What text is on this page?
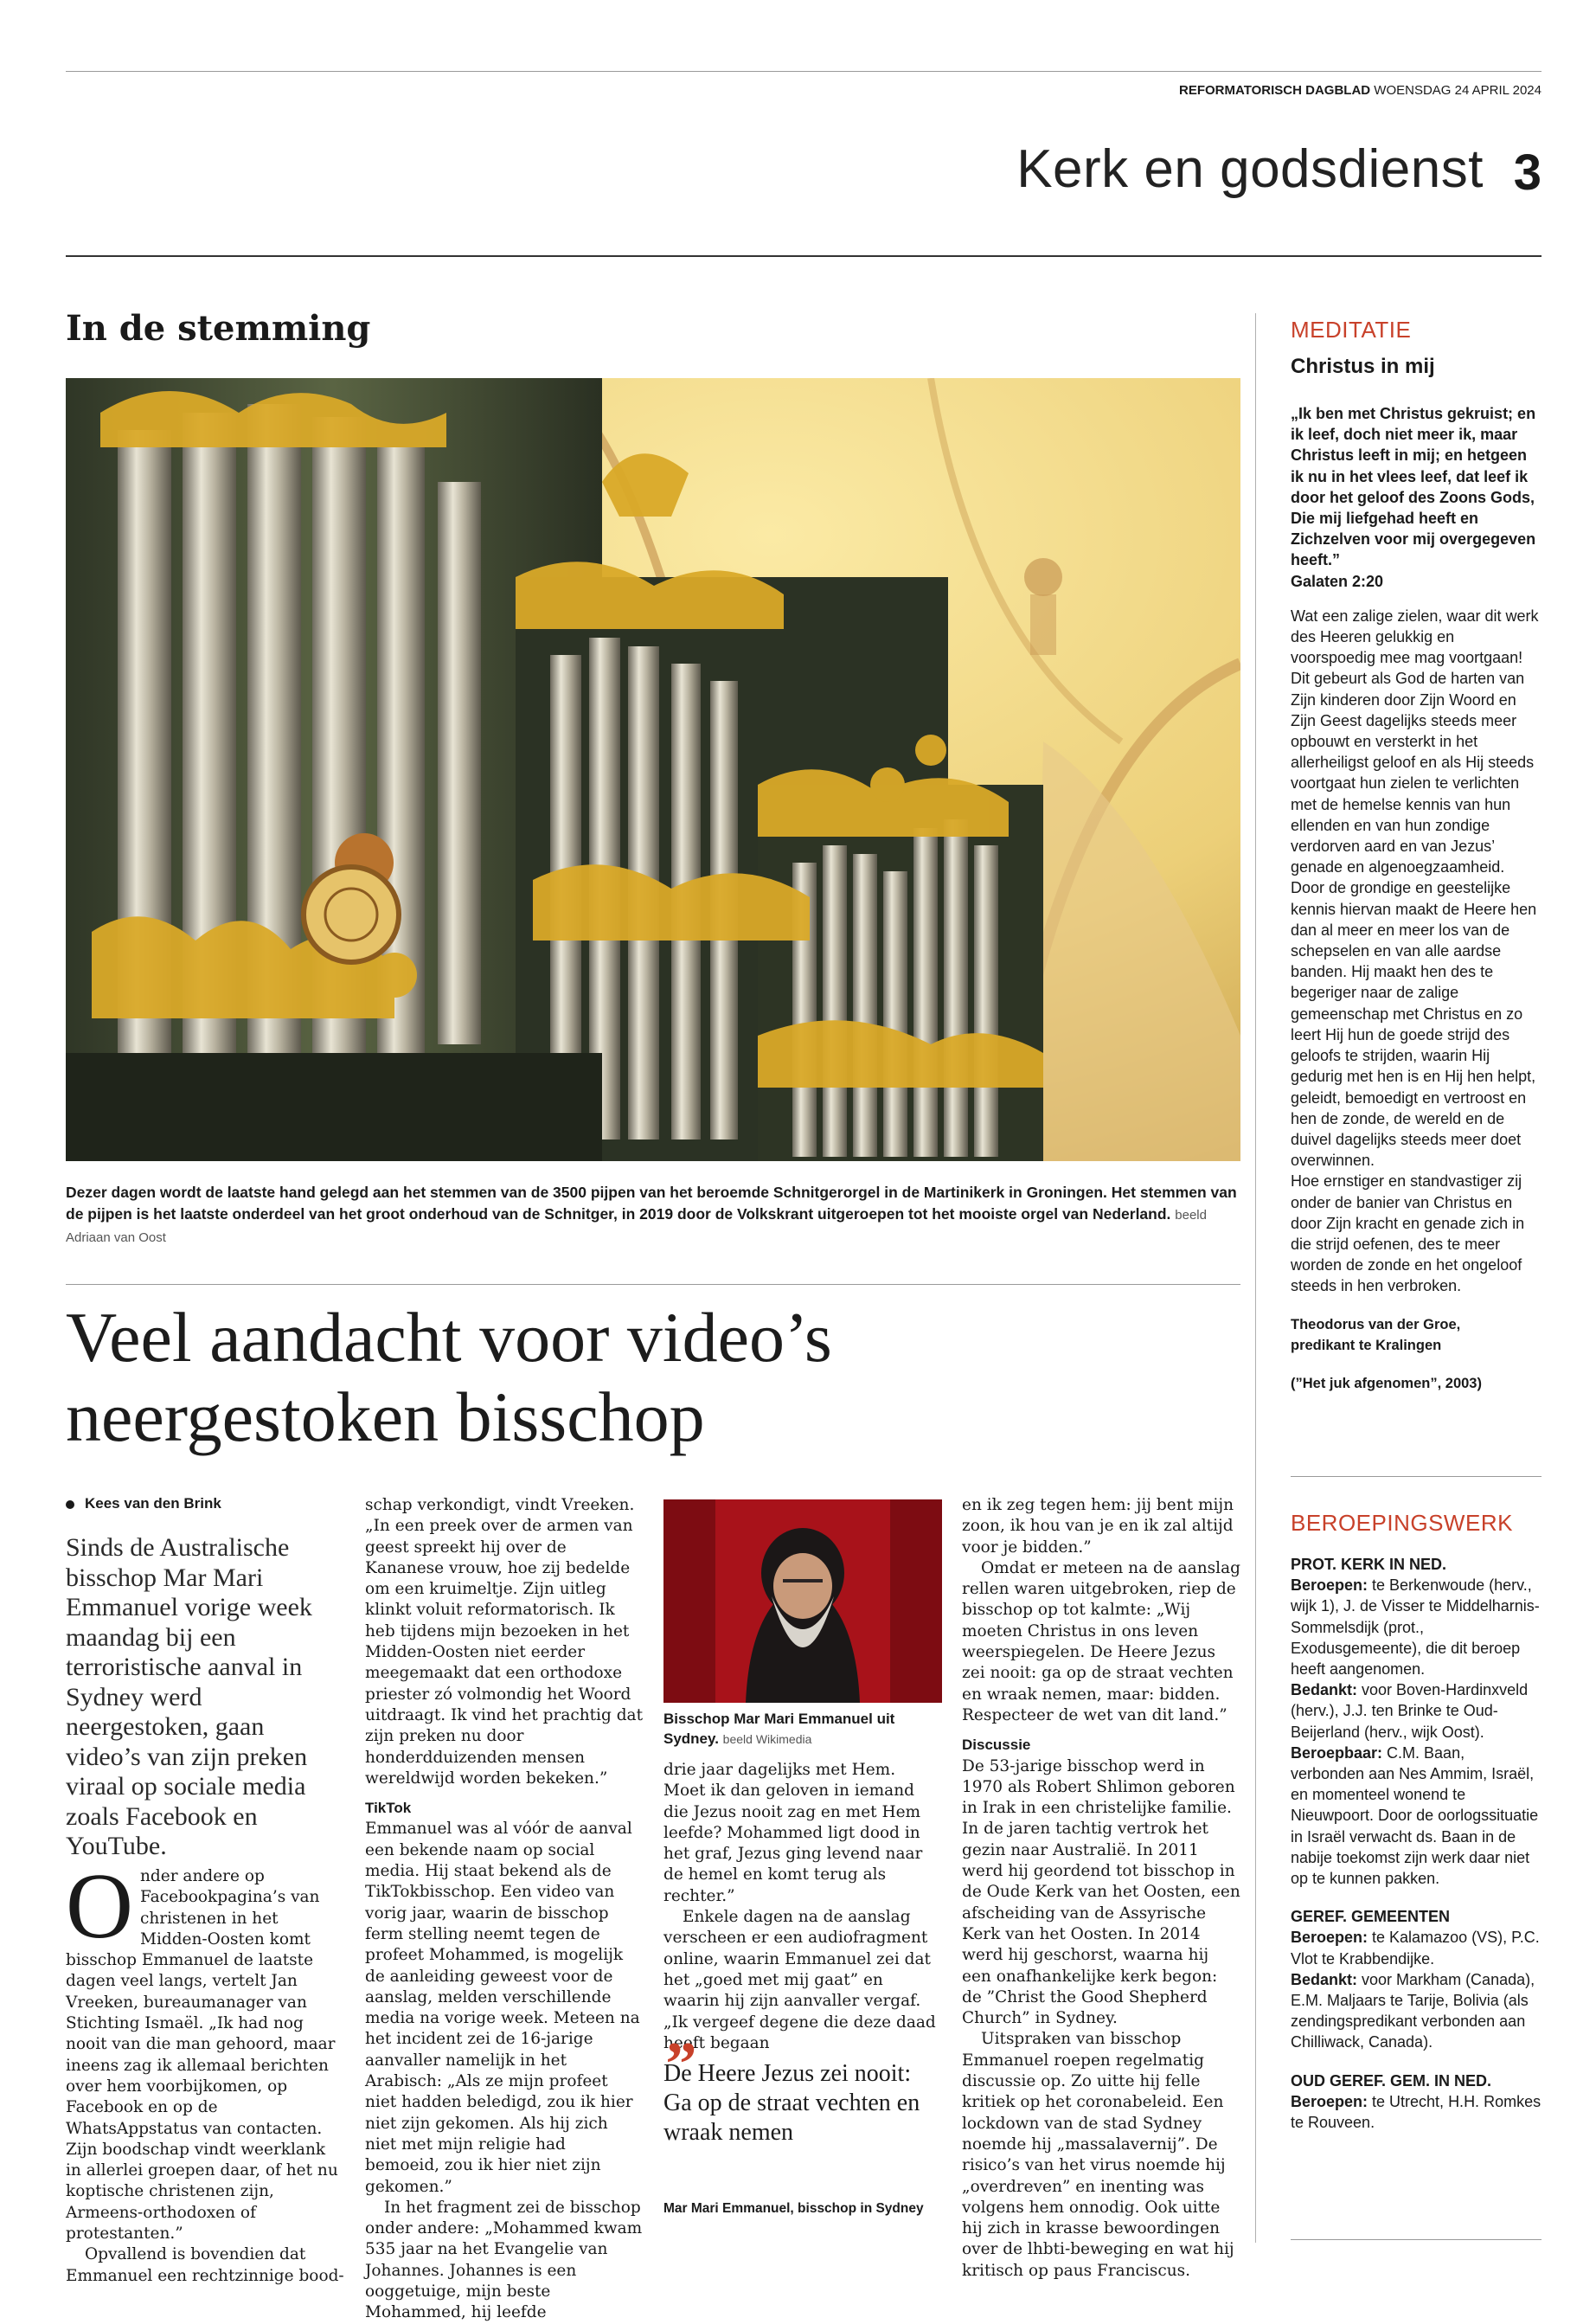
REFORMATORISCH DAGBLAD WOENSDAG 24 APRIL 2024
Kerk en godsdienst 3
In de stemming
Dezer dagen wordt de laatste hand gelegd aan het stemmen van de 3500 pijpen van het beroemde Schnitgerorgel in de Martinikerk in Groningen. Het stemmen van de pijpen is het laatste onderdeel van het groot onderhoud van de Schnitger, in 2019 door de Volkskrant uitgeroepen tot het mooiste orgel van Nederland. beeld Adriaan van Oost
Veel aandacht voor video’s
neergestoken bisschop
Kees van den Brink
Sinds de Australische bisschop Mar Mari Emmanuel vorige week maandag bij een terroristische aanval in Sydney werd neergestoken, gaan video’s van zijn preken viraal op sociale media zoals Facebook en YouTube.

Onder andere op Facebookpagina’s van christenen in het Midden-Oosten komt bisschop Emmanuel de laatste dagen veel langs, vertelt Jan Vreeken, bureaumanager van Stichting Ismaël. „Ik had nog nooit van die man gehoord, maar ineens zag ik allemaal berichten over hem voorbijkomen, op Facebook en op de WhatsAppstatus van contacten. Zijn boodschap vindt weerklank in allerlei groepen daar, of het nu koptische christenen zijn, Armeens-orthodoxen of protestanten.”

Opvallend is bovendien dat Emmanuel een rechtzinnige bood-

schap verkondigt, vindt Vreeken. „In een preek over de armen van geest spreekt hij over de Kananese vrouw, hoe zij bedelde om een kruimeltje. Zijn uitleg klinkt voluit reformatorisch. Ik heb tijdens mijn bezoeken in het Midden-Oosten niet eerder meegemaakt dat een orthodoxe priester zó volmondig het Woord uitdraagt. Ik vind het prachtig dat zijn preken nu door honderdduizenden mensen wereldwijd worden bekeken.”

TikTok

Emmanuel was al vóór de aanval een bekende naam op social media. Hij staat bekend als de TikTokbisschop. Een video van vorig jaar, waarin de bisschop ferm stelling neemt tegen de profeet Mohammed, is mogelijk de aanleiding geweest voor de aanslag, melden verschillende media na vorige week. Meteen na het incident zei de 16-jarige aanvaller namelijk in het Arabisch: „Als ze mijn profeet niet hadden beledigd, zou ik hier niet zijn gekomen. Als hij zich niet met mijn religie had bemoeid, zou ik hier niet zijn gekomen.”

In het fragment zei de bisschop onder andere: „Mohammed kwam 535 jaar na het Evangelie van Johannes. Johannes is een ooggetuige, mijn beste Mohammed, hij leefde

Bisschop Mar Mari Emmanuel uit Sydney. beeld Wikimedia

drie jaar dagelijks met Hem. Moet ik dan geloven in iemand die Jezus nooit zag en met Hem leefde? Mohammed ligt dood in het graf, Jezus ging levend naar de hemel en komt terug als rechter.”

Enkele dagen na de aanslag verscheen er een audiofragment online, waarin Emmanuel zei dat het „goed met mij gaat” en waarin hij zijn aanvaller vergaf. „Ik vergeef degene die deze daad heeft begaan

„
De Heere Jezus zei nooit: Ga op de straat vechten en wraak nemen
Mar Mari Emmanuel, bisschop in Sydney

en ik zeg tegen hem: jij bent mijn zoon, ik hou van je en ik zal altijd voor je bidden.”

Omdat er meteen na de aanslag rellen waren uitgebroken, riep de bisschop op tot kalmte: „Wij moeten Christus in ons leven weerspiegelen. De Heere Jezus zei nooit: ga op de straat vechten en wraak nemen, maar: bidden. Respecteer de wet van dit land.”

Discussie

De 53-jarige bisschop werd in 1970 als Robert Shlimon geboren in Irak in een christelijke familie. In de jaren tachtig vertrok het gezin naar Australië. In 2011 werd hij geordend tot bisschop in de Oude Kerk van het Oosten, een afscheiding van de Assyrische Kerk van het Oosten. In 2014 werd hij geschorst, waarna hij een onafhankelijke kerk begon: de ”Christ the Good Shepherd Church” in Sydney.

Uitspraken van bisschop Emmanuel roepen regelmatig discussie op. Zo uitte hij felle kritiek op het coronabeleid. Een lockdown van de stad Sydney noemde hij „massalavernij”. De risico’s van het virus noemde hij „overdreven” en inenting was volgens hem onnodig. Ook uitte hij zich in krasse bewoordingen over de lhbti-beweging en wat hij kritisch op paus Franciscus.

MEDITATIE
Christus in mij

„Ik ben met Christus gekruist; en ik leef, doch niet meer ik, maar Christus leeft in mij; en hetgeen ik nu in het vlees leef, dat leef ik door het geloof des Zoons Gods, Die mij liefgehad heeft en Zichzelven voor mij overgegeven heeft.”

Galaten 2:20

Wat een zalige zielen, waar dit werk des Heeren gelukkig en voorspoedig mee mag voortgaan! Dit gebeurt als God de harten van Zijn kinderen door Zijn Woord en Zijn Geest dagelijks steeds meer opbouwt en versterkt in het allerheiligst geloof en als Hij steeds voortgaat hun zielen te verlichten met de hemelse kennis van hun ellenden en van hun zondige verdorven aard en van Jezus’ genade en algenoegzaamheid.

Door de grondige en geestelijke kennis hiervan maakt de Heere hen dan al meer en meer los van de schepselen en van alle aardse banden. Hij maakt hen des te begeriger naar de zalige gemeenschap met Christus en zo leert Hij hun de goede strijd des geloofs te strijden, waarin Hij gedurig met hen is en Hij hen helpt, geleidt, bemoedigt en vertroost en hen de zonde, de wereld en de duivel dagelijks steeds meer doet overwinnen.

Hoe ernstiger en standvastiger zij onder de banier van Christus en door Zijn kracht en genade zich in die strijd oefenen, des te meer worden de zonde en het ongeloof steeds in hen verbroken.

Theodorus van der Groe, predikant te Kralingen

(”Het juk afgenomen”, 2003)

BEROEPINGSWERK

PROT. KERK IN NED.

Beroepen: te Berkenwoude (herv., wijk 1), J. de Visser te Middelharnis-Sommelsdijk (prot., Exodusgemeente), die dit beroep heeft aangenomen.

Bedankt: voor Boven-Hardinxveld (herv.), J.J. ten Brinke te Oud-Beijerland (herv., wijk Oost).

Beroepbaar: C.M. Baan, verbonden aan Nes Ammim, Israël, en momenteel wonend te Nieuwpoort. Door de oorlogssituatie in Israël verwacht ds. Baan in de nabije toekomst zijn werk daar niet op te kunnen pakken.

GEREF. GEMEENTEN

Beroepen: te Kalamazoo (VS), P.C. Vlot te Krabbendijke.

Bedankt: voor Markham (Canada), E.M. Maljaars te Tarije, Bolivia (als zendingspredikant verbonden aan Chilliwack, Canada).

OUD GEREF. GEM. IN NED.

Beroepen: te Utrecht, H.H. Romkes te Rouveen.
